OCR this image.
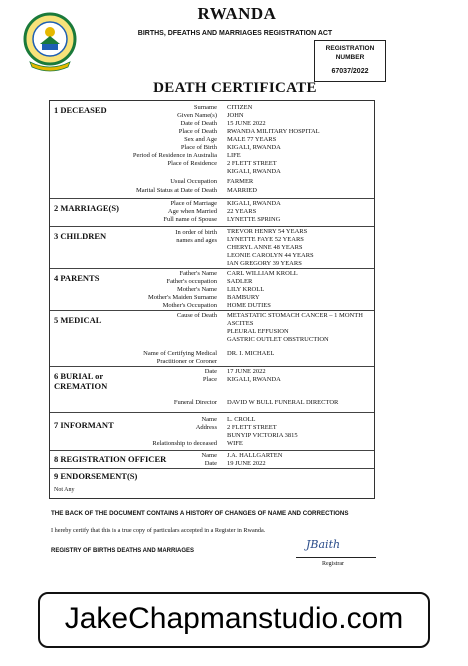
RWANDA
BIRTHS, DFEATHS AND MARRIAGES REGISTRATION ACT
DEATH CERTIFICATE
REGISTRATION NUMBER
67037/2022
1 DECEASED	Surname CITIZEN
Given Name(s) JOHN
Date of Death 15 JUNE 2022
Place of Death RWANDA MILITARY HOSPITAL
Sex and Age MALE 77 YEARS
Place of Birth KIGALI, RWANDA
Period of Residence in Australia LIFE
Place of Residence 2 FLETT STREET
KIGALI, RWANDA
Usual Occupation FARMER
Marital Status at Date of Death MARRIED
2 MARRIAGE(S)	Place of Marriage KIGALI, RWANDA
Age when Married 22 YEARS
Full name of Spouse LYNETTE SPRING
3 CHILDREN	In order of birth
names and ages
TREVOR HENRY 54 YEARS
LYNETTE FAYE 52 YEARS
CHERYL ANNE 48 YEARS
LEONIE CAROLYN 44 YEARS
IAN GREGORY 39 YEARS
4 PARENTS	Father's Name CARL WILLIAM KROLL
Father's occupation SADLER
Mother's Name LILY KROLL
Mother's Maiden Surname BAMBURY
Mother's Occupation HOME DUTIES
5 MEDICAL	Cause of Death METASTATIC STOMACH CANCER – 1 MONTH
ASCITES
PLEURAL EFFUSION
GASTRIC OUTLET OBSTRUCTION
Name of Certifying Medical
Practitioner or Coroner
DR. I. MICHAEL
6 BURIAL or
CREMATION
Date 17 JUNE 2022
Place KIGALI, RWANDA
Funeral Director DAVID W BULL FUNERAL DIRECTOR
7 INFORMANT
Name L. CROLL
Address 2 FLETT STREET
BUNYIP VICTORIA 3815
Relationship to deceased WIFE
8 REGISTRATION OFFICER	Name J.A. HALLGARTEN
Date 19 JUNE 2022
9 ENDORSEMENT(S)
Not Any
THE BACK OF THE DOCUMENT CONTAINS A HISTORY OF CHANGES OF NAME AND CORRECTIONS
I hereby certify that this is a true copy of particulars accepted in a Register in Rwanda.
REGISTRY OF BIRTHS DEATHS AND MARRIAGES	JBaith
Registrar
JakeChapmanstudio.com
